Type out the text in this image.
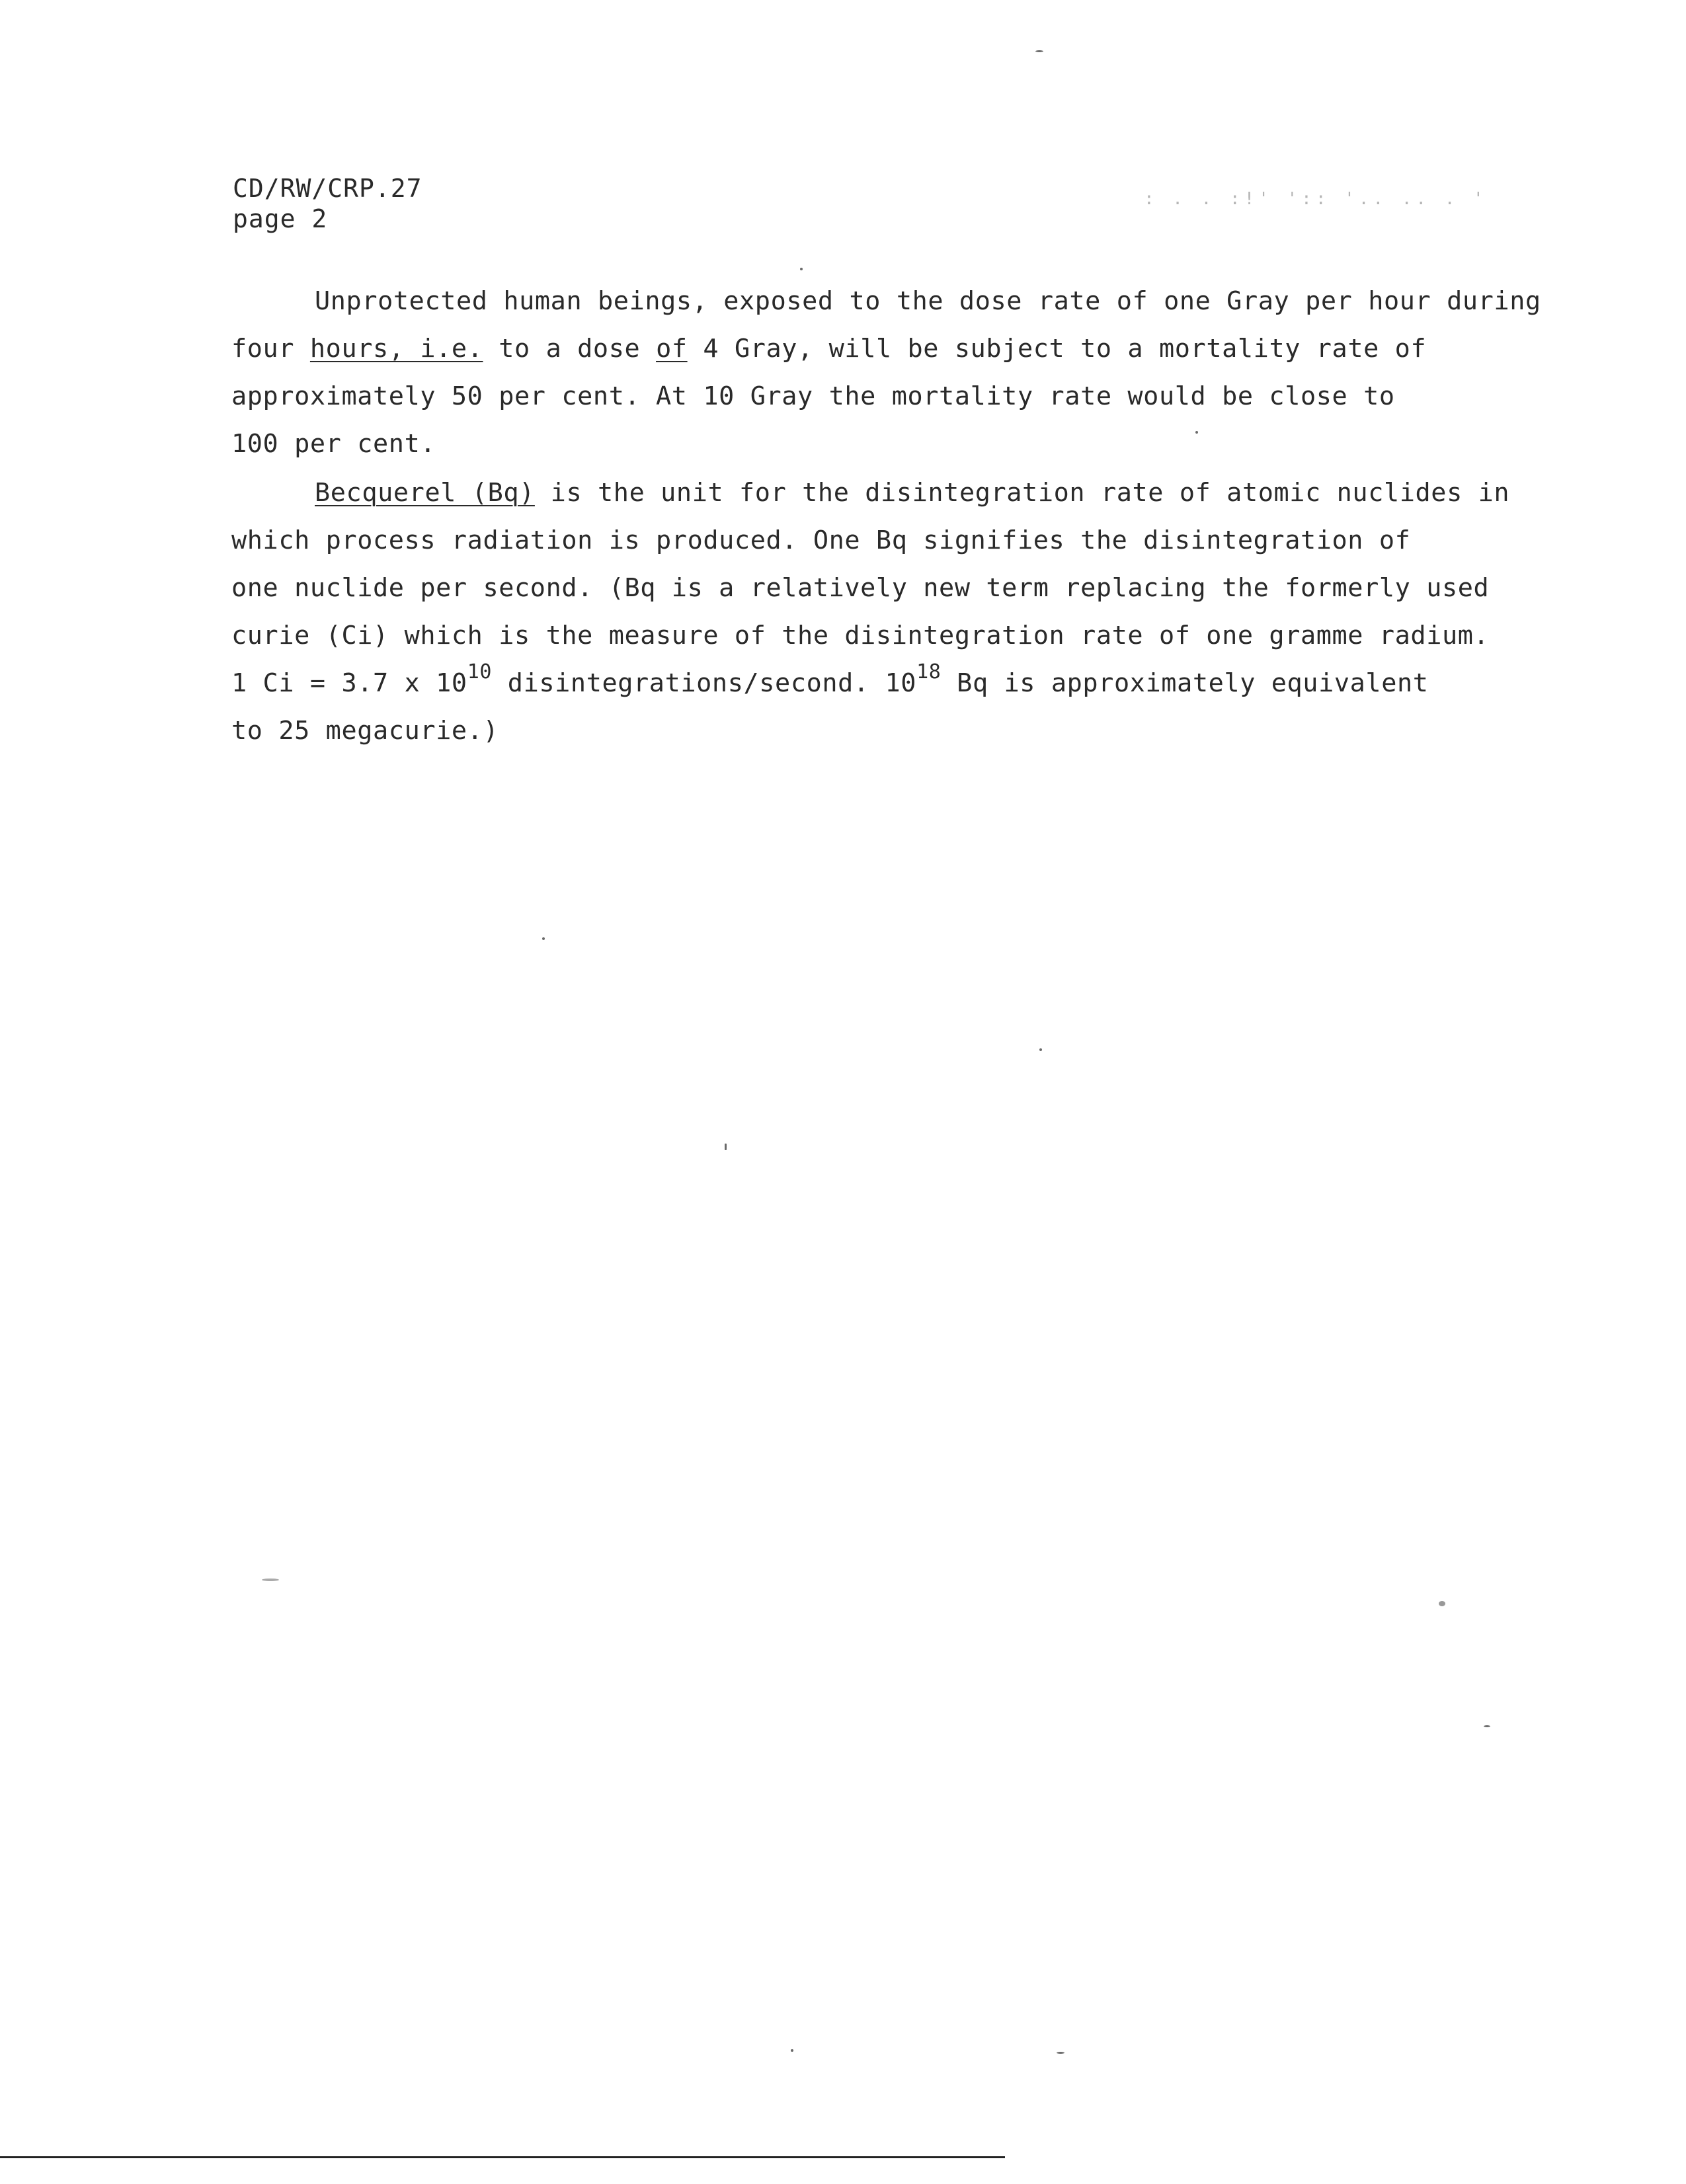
CD/RW/CRP.27
page 2
: . . :!' ':: '.. .. . '
Unprotected human beings, exposed to the dose rate of one Gray per hour during
four hours, i.e. to a dose of 4 Gray, will be subject to a mortality rate of
approximately 50 per cent. At 10 Gray the mortality rate would be close to
100 per cent.
Becquerel (Bq) is the unit for the disintegration rate of atomic nuclides in
which process radiation is produced. One Bq signifies the disintegration of
one nuclide per second. (Bq is a relatively new term replacing the formerly used
curie (Ci) which is the measure of the disintegration rate of one gramme radium.
1 Ci = 3.7 x $10^{10}$ disintegrations/second. $10^{18}$ Bq is approximately equivalent
to 25 megacurie.)
